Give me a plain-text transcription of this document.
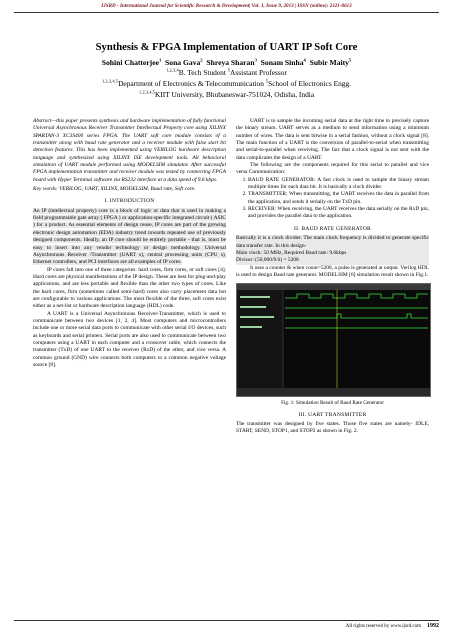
IJSRD - International Journal for Scientific Research & Development| Vol. 1, Issue 9, 2013 | ISSN (online): 2321-0613
Synthesis & FPGA Implementation of UART IP Soft Core
Sohini Chatterjee$^1$ Sona Gava$^2$ Shreya Sharan$^3$ Sonam Sinha$^4$ Subir Maity$^5$
$^{1,2,3,4}$B. Tech Student $^5$Assistant Professor
$^{1,2,3,4,5}$Department of Electronics & Telecommunication $^5$School of Electronics Engg.
$^{1,2,3,4,5}$KIIT University, Bhubaneswar-751024, Odisha, India

Abstract—this paper presents synthesis and hardware implementation of fully functional Universal Asynchronous Receiver Transmitter Intellectual Property core using XILINX SPARTAN-3 XC3S400 series FPGA. The UART soft core module consists of a transmitter along with baud rate generator and a receiver module with false start bit detection features. This has been implemented using VERILOG hardware description language and synthesized using XILINX ISE development tools. All behavioral simulation of UART module performed using MODELSIM simulator. After successful FPGA implementation transmitter and receiver module was tested by connecting FPGA board with Hyper Terminal software via RS232 interface at a data speed of 9.6 kbps.

Key words: VERILOG, UART, XILINX, MODELSIM, Baud rate, Soft core.

I. INTRODUCTION

An IP (intellectual property) core is a block of logic or data that is used in making a field programmable gate array ( FPGA ) or application-specific integrated circuit ( ASIC ) for a product. As essential elements of design reuse, IP cores are part of the growing electronic design automation (EDA) industry trend towards repeated use of previously designed components. Ideally, an IP core should be entirely portable - that is, must be easy to insert into any vendor technology or design methodology. Universal Asynchronous Receiver /Transmitter (UART s), central processing units (CPU s), Ethernet controllers, and PCI interfaces are all examples of IP cores.

IP cores fall into one of three categories: hard cores, firm cores, or soft cores [4]. Hard cores are physical manifestations of the IP design. These are best for plug-and-play applications, and are less portable and flexible than the other two types of cores. Like the hard cores, firm (sometimes called semi-hard) cores also carry placement data but are configurable to various applications. The most flexible of the three, soft cores exist either as a net-list or hardware description language (HDL) code.

A UART is a Universal Asynchronous Receiver-Transmitter, which is used to communicate between two devices [1, 2, 4]. Most computers and microcontrollers include one or more serial data ports to communicate with other serial I/O devices, such as keyboards and serial printers. Serial ports are also used to communicate between two computers using a UART in each computer and a crossover cable, which connects the transmitter (TxD) of one UART to the receiver (RxD) of the other, and vice versa. A common ground (GND) wire connects both computers to a common negative voltage source [8].

UART is to sample the incoming serial data at the right time to precisely capture the binary stream. UART serves as a medium to send information using a minimum number of wires. The data is sent bitwise in a serial fashion, without a clock signal [8]. The main function of a UART is the conversion of parallel-to-serial when transmitting and serial-to-parallel when receiving. The fact that a clock signal is not sent with the data complicates the design of a UART.

The following are the components required for this serial to parallel and vice versa Communication:

1. BAUD RATE GENERATOR: A fast clock is used to sample the binary stream multiple times for each data bit. It is basically a clock divider.
2. TRANSMITTER: When transmitting, the UART receives the data in parallel from the application, and sends it serially on the TxD pin.
3. RECEIVER: When receiving, the UART receives the data serially on the RxD pin, and provides the parallel data to the application.

II. BAUD RATE GENERATOR

Basically it is a clock divider. The main clock frequency is divided to generate specific data transfer rate. In this design-

Main clock: 50 MHz, Required Baud rate: 9.6kbps

Divisor: (50,000/9.6) = 5208

It uses a counter & when count=5208, a pulse is generated at output. Verilog HDL is used to design Baud rate generator. MODELSIM [6] simulation result shown in Fig.1.

Fig. 1: Simulation Result of Baud Rate Generator

III. UART TRANSMITTER

The transmitter was designed by five states. Those five states are namely- IDLE, START, SEND, STOP1, and STOP2 as shown in Fig. 2.

All rights reserved by www.ijsrd.com 1992
